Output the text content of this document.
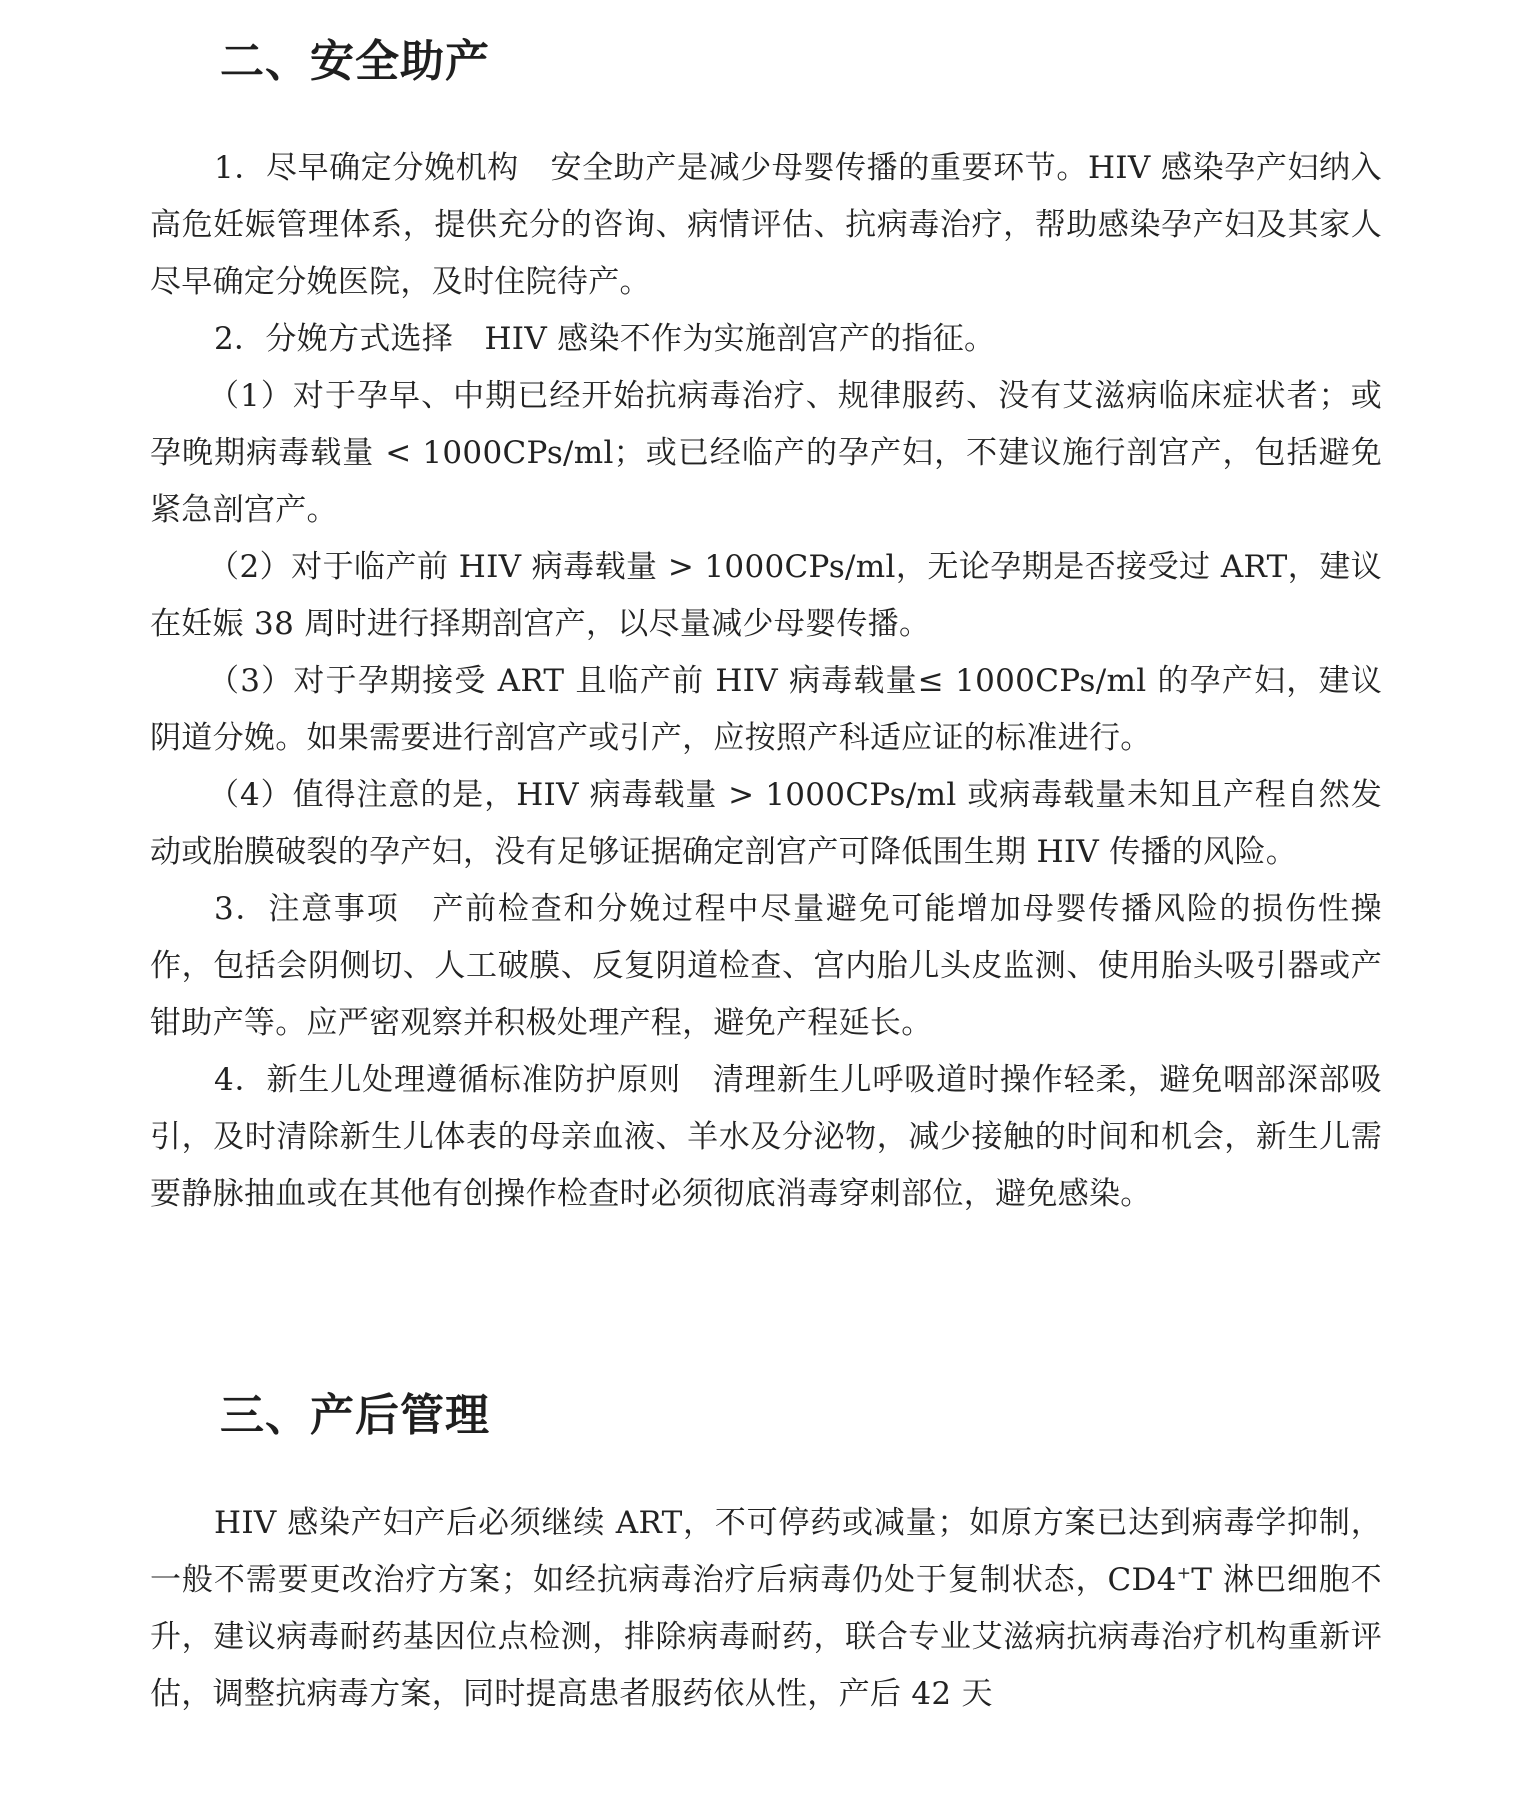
二、安全助产

1．尽早确定分娩机构　 安全助产是减少母婴传播的重要环节。HIV 感染孕产妇纳入高危妊娠管理体系，提供充分的咨询、病情评估、抗病毒治疗，帮助感染孕产妇及其家人尽早确定分娩医院，及时住院待产。

2．分娩方式选择　 HIV 感染不作为实施剖宫产的指征。

（1）对于孕早、中期已经开始抗病毒治疗、规律服药、没有艾滋病临床症状者；或孕晚期病毒载量 < 1000CPs/ml；或已经临产的孕产妇，不建议施行剖宫产，包括避免紧急剖宫产。

（2）对于临产前 HIV 病毒载量 > 1000CPs/ml，无论孕期是否接受过 ART，建议在妊娠 38 周时进行择期剖宫产，以尽量减少母婴传播。

（3）对于孕期接受 ART 且临产前 HIV 病毒载量≤ 1000CPs/ml 的孕产妇，建议阴道分娩。如果需要进行剖宫产或引产，应按照产科适应证的标准进行。

（4）值得注意的是，HIV 病毒载量 > 1000CPs/ml 或病毒载量未知且产程自然发动或胎膜破裂的孕产妇，没有足够证据确定剖宫产可降低围生期 HIV 传播的风险。

3．注意事项　 产前检查和分娩过程中尽量避免可能增加母婴传播风险的损伤性操作，包括会阴侧切、人工破膜、反复阴道检查、宫内胎儿头皮监测、使用胎头吸引器或产钳助产等。应严密观察并积极处理产程，避免产程延长。

4．新生儿处理遵循标准防护原则　 清理新生儿呼吸道时操作轻柔，避免咽部深部吸引，及时清除新生儿体表的母亲血液、羊水及分泌物，减少接触的时间和机会，新生儿需要静脉抽血或在其他有创操作检查时必须彻底消毒穿刺部位，避免感染。

三、产后管理

HIV 感染产妇产后必须继续 ART，不可停药或减量；如原方案已达到病毒学抑制，一般不需要更改治疗方案；如经抗病毒治疗后病毒仍处于复制状态，CD4+T 淋巴细胞不升，建议病毒耐药基因位点检测，排除病毒耐药，联合专业艾滋病抗病毒治疗机构重新评估，调整抗病毒方案，同时提高患者服药依从性，产后 42 天
